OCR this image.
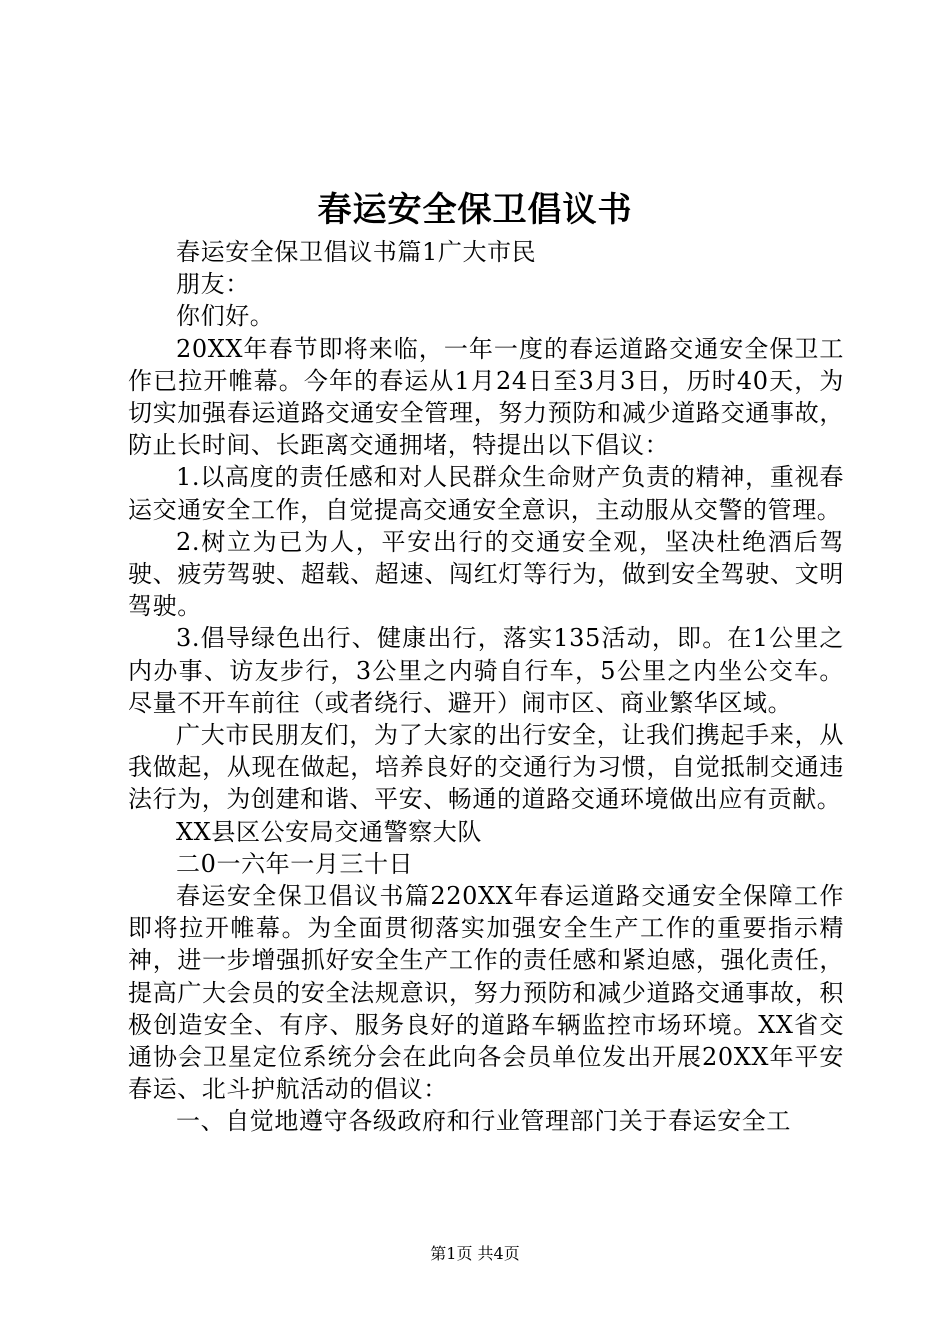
春运安全保卫倡议书

春运安全保卫倡议书篇1广大市民

朋友：

你们好。

20XX年春节即将来临，一年一度的春运道路交通安全保卫工作已拉开帷幕。今年的春运从1月24日至3月3日，历时40天，为切实加强春运道路交通安全管理，努力预防和减少道路交通事故，防止长时间、长距离交通拥堵，特提出以下倡议：

1.以高度的责任感和对人民群众生命财产负责的精神，重视春运交通安全工作，自觉提高交通安全意识，主动服从交警的管理。

2.树立为已为人，平安出行的交通安全观，坚决杜绝酒后驾驶、疲劳驾驶、超载、超速、闯红灯等行为，做到安全驾驶、文明驾驶。

3.倡导绿色出行、健康出行，落实135活动，即。在1公里之内办事、访友步行，3公里之内骑自行车，5公里之内坐公交车。尽量不开车前往（或者绕行、避开）闹市区、商业繁华区域。

广大市民朋友们，为了大家的出行安全，让我们携起手来，从我做起，从现在做起，培养良好的交通行为习惯，自觉抵制交通违法行为，为创建和谐、平安、畅通的道路交通环境做出应有贡献。

XX县区公安局交通警察大队

二0一六年一月三十日

春运安全保卫倡议书篇220XX年春运道路交通安全保障工作即将拉开帷幕。为全面贯彻落实加强安全生产工作的重要指示精神，进一步增强抓好安全生产工作的责任感和紧迫感，强化责任，提高广大会员的安全法规意识，努力预防和减少道路交通事故，积极创造安全、有序、服务良好的道路车辆监控市场环境。XX省交通协会卫星定位系统分会在此向各会员单位发出开展20XX年平安春运、北斗护航活动的倡议：

一、自觉地遵守各级政府和行业管理部门关于春运安全工

第1页 共4页
